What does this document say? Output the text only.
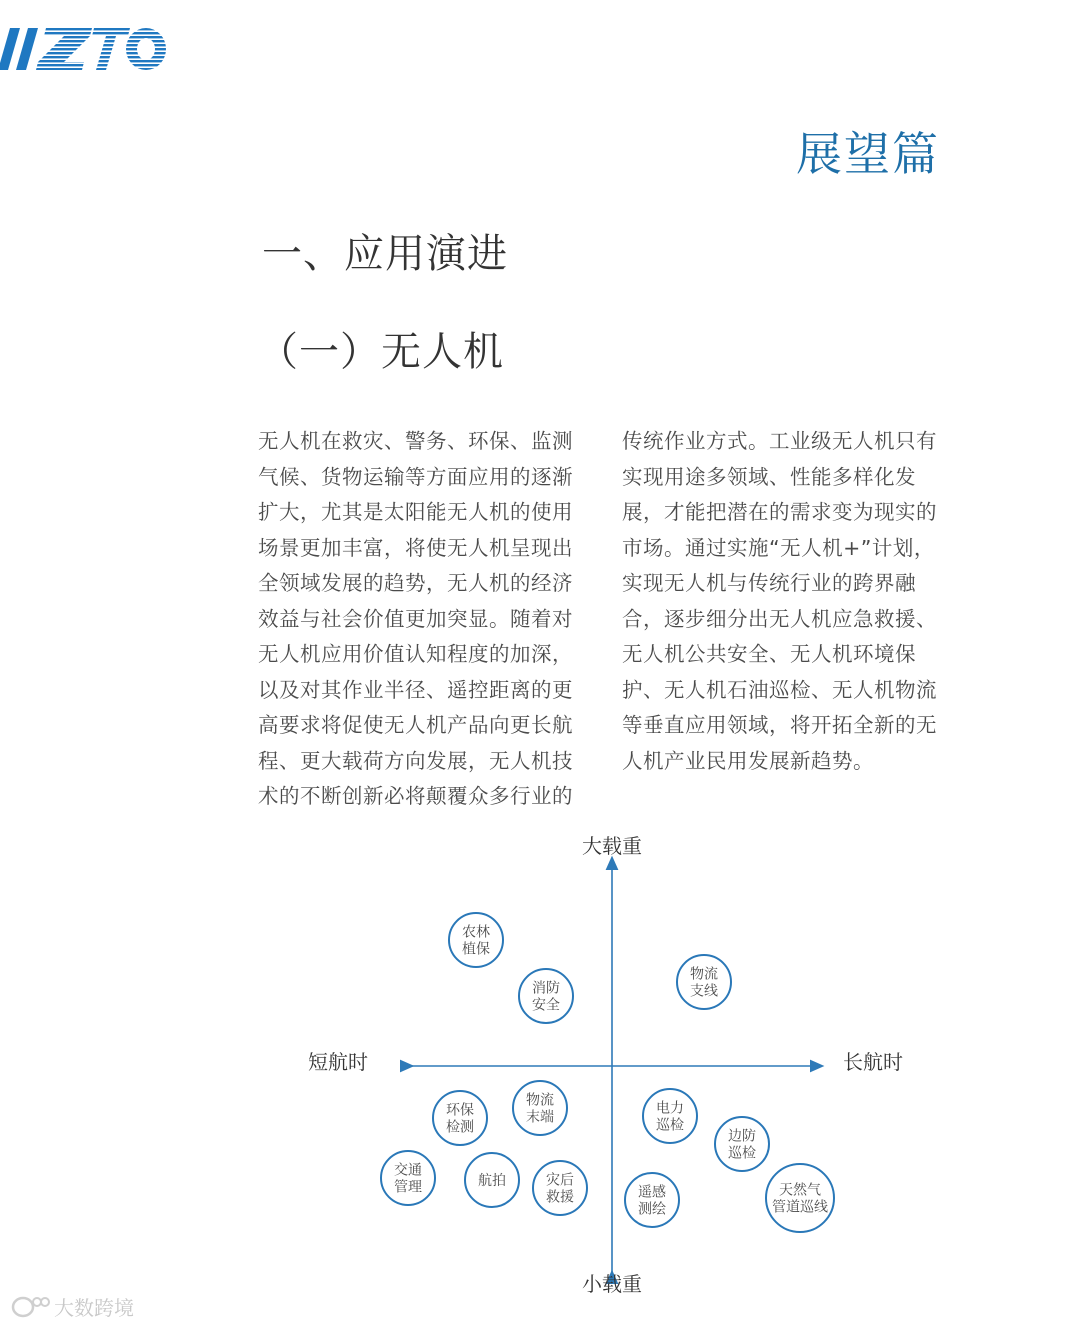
展望篇
一、应用演进
（一）无人机
无人机在救灾、警务、环保、监测气候、货物运输等方面应用的逐渐扩大，尤其是太阳能无人机的使用场景更加丰富，将使无人机呈现出全领域发展的趋势，无人机的经济效益与社会价值更加突显。随着对无人机应用价值认知程度的加深，以及对其作业半径、遥控距离的更高要求将促使无人机产品向更长航程、更大载荷方向发展，无人机技术的不断创新必将颠覆众多行业的
传统作业方式。工业级无人机只有实现用途多领域、性能多样化发展，才能把潜在的需求变为现实的市场。通过实施“无人机+”计划，实现无人机与传统行业的跨界融合，逐步细分出无人机应急救援、无人机公共安全、无人机环境保护、无人机石油巡检、无人机物流等垂直应用领域，将开拓全新的无人机产业民用发展新趋势。
大载重
小载重
短航时	长航时
农林
植保
消防
安全
物流
支线
环保
检测
物流
末端
电力
巡检
边防
巡检
交通
管理	航拍	灾后
救援	遥感
测绘
天然气
管道巡线
大数跨境
